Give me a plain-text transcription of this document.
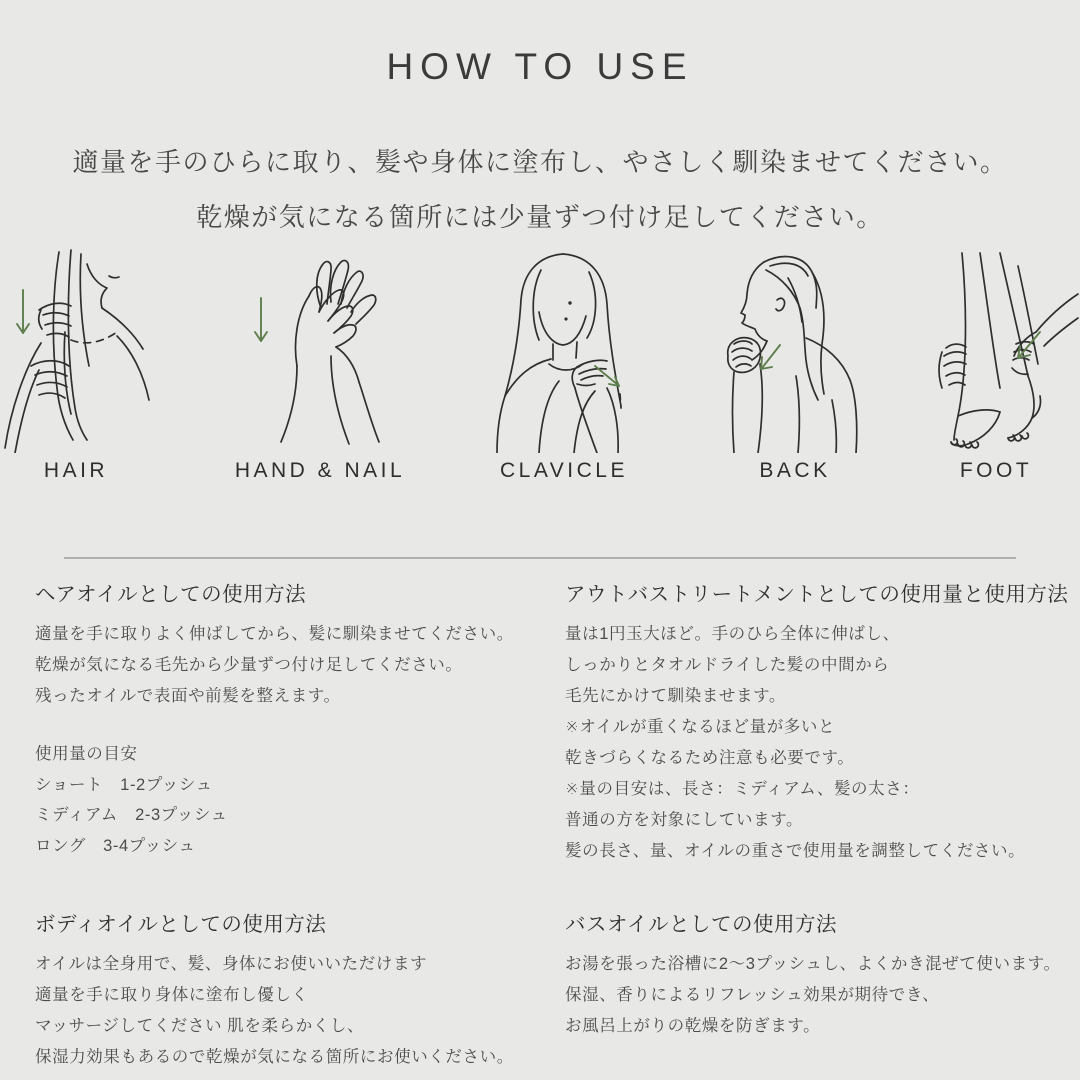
HOW TO USE

適量を手のひらに取り、髪や身体に塗布し、やさしく馴染ませてください。

乾燥が気になる箇所には少量ずつ付け足してください。

HAIR	HAND & NAIL	CLAVICLE	BACK	FOOT
ヘアオイルとしての使用方法

適量を手に取りよく伸ばしてから、髪に馴染ませてください。

乾燥が気になる毛先から少量ずつ付け足してください。

残ったオイルで表面や前髪を整えます。

使用量の目安

ショート　1-2プッシュ

ミディアム　2-3プッシュ

ロング　3-4プッシュ

アウトバストリートメントとしての使用量と使用方法

量は1円玉大ほど。手のひら全体に伸ばし、

しっかりとタオルドライした髪の中間から

毛先にかけて馴染ませます。

※オイルが重くなるほど量が多いと

乾きづらくなるため注意も必要です。

※量の目安は、長さ：ミディアム、髪の太さ：

普通の方を対象にしています。

髪の長さ、量、オイルの重さで使用量を調整してください。

ボディオイルとしての使用方法

オイルは全身用で、髪、身体にお使いいただけます

適量を手に取り身体に塗布し優しく

マッサージしてください 肌を柔らかくし、

保湿力効果もあるので乾燥が気になる箇所にお使いください。

バスオイルとしての使用方法

お湯を張った浴槽に2〜3プッシュし、よくかき混ぜて使います。

保湿、香りによるリフレッシュ効果が期待でき、

お風呂上がりの乾燥を防ぎます。
